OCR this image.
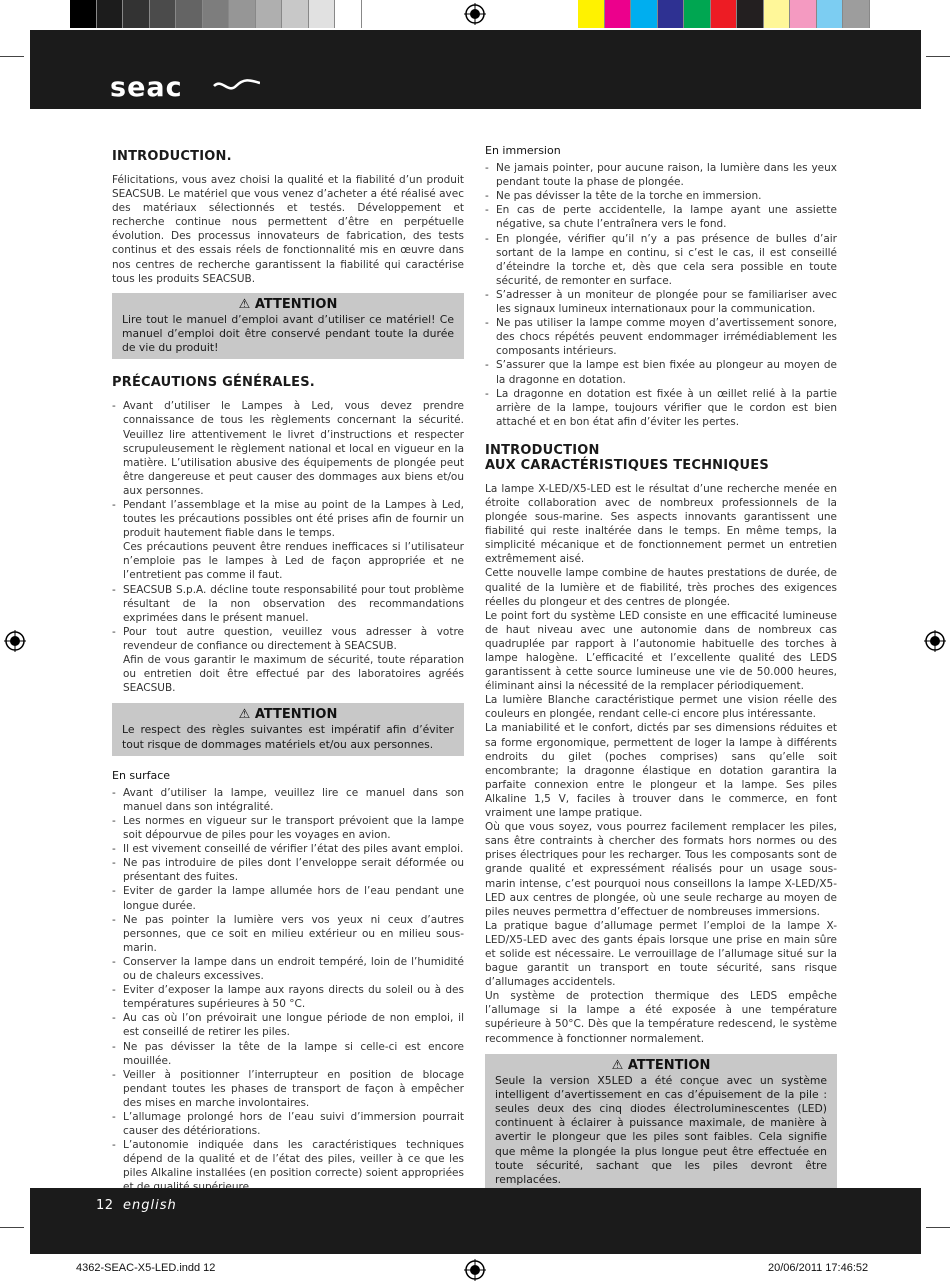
seac
INTRODUCTION.

Félicitations, vous avez choisi la qualité et la fiabilité d’un produit SEACSUB. Le matériel que vous venez d’acheter a été réalisé avec des matériaux sélectionnés et testés. Développement et recherche continue nous permettent d’être en perpétuelle évolution. Des processus innovateurs de fabrication, des tests continus et des essais réels de fonctionnalité mis en œuvre dans nos centres de recherche garantissent la fiabilité qui caractérise tous les produits SEACSUB.

⚠ ATTENTION
Lire tout le manuel d’emploi avant d’utiliser ce matériel! Ce manuel d’emploi doit être conservé pendant toute la durée de vie du produit!
PRÉCAUTIONS GÉNÉRALES.
- Avant d’utiliser le Lampes à Led, vous devez prendre connaissance de tous les règlements concernant la sécurité. Veuillez lire attentivement le livret d’instructions et respecter scrupuleusement le règlement national et local en vigueur en la matière. L’utilisation abusive des équipements de plongée peut être dangereuse et peut causer des dommages aux biens et/ou aux personnes.
- Pendant l’assemblage et la mise au point de la Lampes à Led, toutes les précautions possibles ont été prises afin de fournir un produit hautement fiable dans le temps.

Ces précautions peuvent être rendues inefficaces si l’utilisateur n’emploie pas le lampes à Led de façon appropriée et ne l’entretient pas comme il faut.

- SEACSUB S.p.A. décline toute responsabilité pour tout problème résultant de la non observation des recommandations exprimées dans le présent manuel.
- Pour tout autre question, veuillez vous adresser à votre revendeur de confiance ou directement à SEACSUB.

Afin de vous garantir le maximum de sécurité, toute réparation ou entretien doit être effectué par des laboratoires agréés SEACSUB.

⚠ ATTENTION
Le respect des règles suivantes est impératif afin d’éviter tout risque de dommages matériels et/ou aux personnes.

En surface

- Avant d’utiliser la lampe, veuillez lire ce manuel dans son manuel dans son intégralité.
- Les normes en vigueur sur le transport prévoient que la lampe soit dépourvue de piles pour les voyages en avion.
- Il est vivement conseillé de vérifier l’état des piles avant emploi.
- Ne pas introduire de piles dont l’enveloppe serait déformée ou présentant des fuites.
- Eviter de garder la lampe allumée hors de l’eau pendant une longue durée.
- Ne pas pointer la lumière vers vos yeux ni ceux d’autres personnes, que ce soit en milieu extérieur ou en milieu sous-marin.
- Conserver la lampe dans un endroit tempéré, loin de l’humidité ou de chaleurs excessives.
- Eviter d’exposer la lampe aux rayons directs du soleil ou à des températures supérieures à 50 °C.
- Au cas où l’on prévoirait une longue période de non emploi, il est conseillé de retirer les piles.
- Ne pas dévisser la tête de la lampe si celle-ci est encore mouillée.
- Veiller à positionner l’interrupteur en position de blocage pendant toutes les phases de transport de façon à empêcher des mises en marche involontaires.
- L’allumage prolongé hors de l’eau suivi d’immersion pourrait causer des détériorations.
- L’autonomie indiquée dans les caractéristiques techniques dépend de la qualité et de l’état des piles, veiller à ce que les piles Alkaline installées (en position correcte) soient appropriées

En immersion

- Ne jamais pointer, pour aucune raison, la lumière dans les yeux pendant toute la phase de plongée.
- Ne pas dévisser la tête de la torche en immersion.
- En cas de perte accidentelle, la lampe ayant une assiette négative, sa chute l’entraînera vers le fond.
- En plongée, vérifier qu’il n’y a pas présence de bulles d’air sortant de la lampe en continu, si c’est le cas, il est conseillé d’éteindre la torche et, dès que cela sera possible en toute sécurité, de remonter en surface.
- S’adresser à un moniteur de plongée pour se familiariser avec les signaux lumineux internationaux pour la communication.
- Ne pas utiliser la lampe comme moyen d’avertissement sonore, des chocs répétés peuvent endommager irrémédiablement les composants intérieurs.
- S’assurer que la lampe est bien fixée au plongeur au moyen de la dragonne en dotation.
- La dragonne en dotation est fixée à un œillet relié à la partie arrière de la lampe, toujours vérifier que le cordon est bien attaché et en bon état afin d’éviter les pertes.
INTRODUCTION
AUX CARACTÉRISTIQUES TECHNIQUES

La lampe X-LED/X5-LED est le résultat d’une recherche menée en étroite collaboration avec de nombreux professionnels de la plongée sous-marine. Ses aspects innovants garantissent une fiabilité qui reste inaltérée dans le temps. En même temps, la simplicité mécanique et de fonctionnement permet un entretien extrêmement aisé.

Cette nouvelle lampe combine de hautes prestations de durée, de qualité de la lumière et de fiabilité, très proches des exigences réelles du plongeur et des centres de plongée.

Le point fort du système LED consiste en une efficacité lumineuse de haut niveau avec une autonomie dans de nombreux cas quadruplée par rapport à l’autonomie habituelle des torches à lampe halogène. L’efficacité et l’excellente qualité des LEDS garantissent à cette source lumineuse une vie de 50.000 heures, éliminant ainsi la nécessité de la remplacer périodiquement.

La lumière Blanche caractéristique permet une vision réelle des couleurs en plongée, rendant celle-ci encore plus intéressante.

La maniabilité et le confort, dictés par ses dimensions réduites et sa forme ergonomique, permettent de loger la lampe à différents endroits du gilet (poches comprises) sans qu’elle soit encombrante; la dragonne élastique en dotation garantira la parfaite connexion entre le plongeur et la lampe. Ses piles Alkaline 1,5 V, faciles à trouver dans le commerce, en font vraiment une lampe pratique.

Où que vous soyez, vous pourrez facilement remplacer les piles, sans être contraints à chercher des formats hors normes ou des prises électriques pour les recharger. Tous les composants sont de grande qualité et expressément réalisés pour un usage sous-marin intense, c’est pourquoi nous conseillons la lampe X-LED/X5-LED aux centres de plongée, où une seule recharge au moyen de piles neuves permettra d’effectuer de nombreuses immersions.

La pratique bague d’allumage permet l’emploi de la lampe X-LED/X5-LED avec des gants épais lorsque une prise en main sûre et solide est nécessaire. Le verrouillage de l’allumage situé sur la bague garantit un transport en toute sécurité, sans risque d’allumages accidentels.

Un système de protection thermique des LEDS empêche l’allumage si la lampe a été exposée à une température supérieure à 50°C. Dès que la température redescend, le système recommence à fonctionner normalement.

⚠ ATTENTION
Seule la version X5LED a été conçue avec un système intelligent d’avertissement en cas d’épuisement de la pile : seules deux des cinq diodes électroluminescentes (LED) continuent à éclairer à puissance maximale, de manière à avertir le plongeur que les piles sont faibles. Cela signifie que même la plongée la plus longue peut être effectuée en toute sécurité, sachant que les piles devront être remplacées.
12 english
4362-SEAC-X5-LED.indd 12	20/06/2011 17:46:52
